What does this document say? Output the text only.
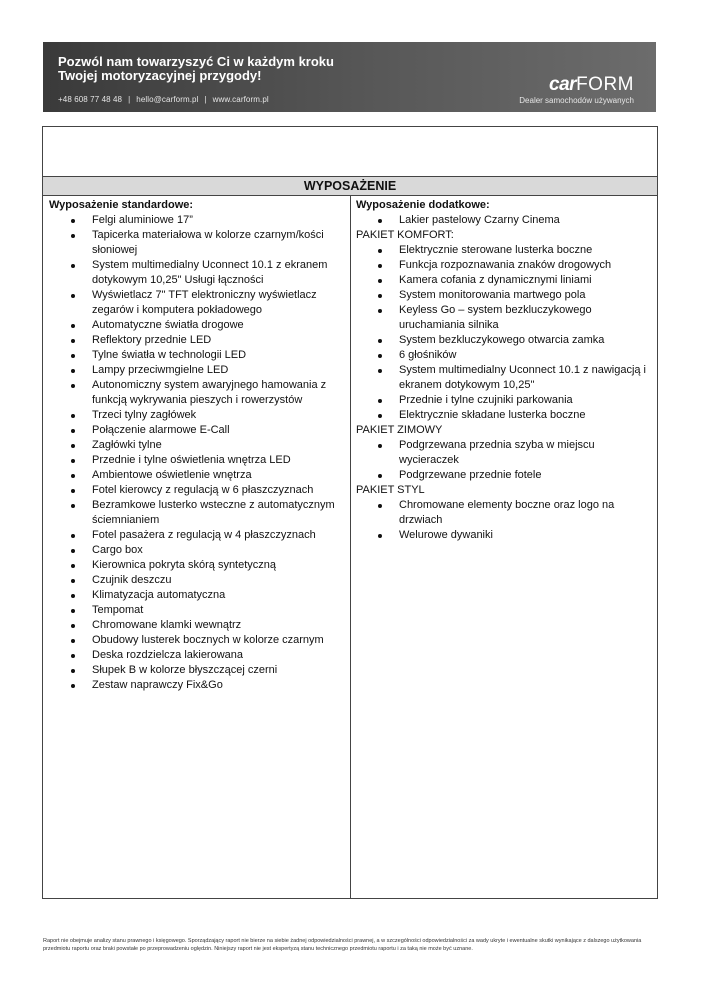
Pozwól nam towarzyszyć Ci w każdym kroku
Twojej motoryzacyjnej przygody!
+48 608 77 48 48 | hello@carform.pl | www.carform.pl
carFORM
Dealer samochodów używanych
WYPOSAŻENIE
Wyposażenie standardowe:
Felgi aluminiowe 17”
Tapicerka materiałowa w kolorze czarnym/kości słoniowej
System multimedialny Uconnect 10.1 z ekranem dotykowym 10,25" Usługi łączności
Wyświetlacz 7" TFT elektroniczny wyświetlacz zegarów i komputera pokładowego
Automatyczne światła drogowe
Reflektory przednie LED
Tylne światła w technologii LED
Lampy przeciwmgielne LED
Autonomiczny system awaryjnego hamowania z funkcją wykrywania pieszych i rowerzystów
Trzeci tylny zagłówek
Połączenie alarmowe E-Call
Zagłówki tylne
Przednie i tylne oświetlenia wnętrza LED
Ambientowe oświetlenie wnętrza
Fotel kierowcy z regulacją w 6 płaszczyznach
Bezramkowe lusterko wsteczne z automatycznym ściemnianiem
Fotel pasażera z regulacją w 4 płaszczyznach
Cargo box
Kierownica pokryta skórą syntetyczną
Czujnik deszczu
Klimatyzacja automatyczna
Tempomat
Chromowane klamki wewnątrz
Obudowy lusterek bocznych w kolorze czarnym
Deska rozdzielcza lakierowana
Słupek B w kolorze błyszczącej czerni
Zestaw naprawczy Fix&Go
Wyposażenie dodatkowe:
Lakier pastelowy Czarny Cinema

PAKIET KOMFORT:

Elektrycznie sterowane lusterka boczne
Funkcja rozpoznawania znaków drogowych
Kamera cofania z dynamicznymi liniami
System monitorowania martwego pola
Keyless Go – system bezkluczykowego uruchamiania silnika
System bezkluczykowego otwarcia zamka
6 głośników
System multimedialny Uconnect 10.1 z nawigacją i ekranem dotykowym 10,25"
Przednie i tylne czujniki parkowania
Elektrycznie składane lusterka boczne

PAKIET ZIMOWY

Podgrzewana przednia szyba w miejscu wycieraczek
Podgrzewane przednie fotele

PAKIET STYL

Chromowane elementy boczne oraz logo na drzwiach
Welurowe dywaniki
Raport nie obejmuje analizy stanu prawnego i księgowego. Sporządzający raport nie bierze na siebie żadnej odpowiedzialności prawnej, a w szczególności odpowiedzialności za wady ukryte i ewentualne skutki wynikające z dalszego użytkowania przedmiotu raportu oraz braki powstałe po przeprowadzeniu oględzin. Niniejszy raport nie jest ekspertyzą stanu technicznego przedmiotu raportu i za taką nie może być uznane.
